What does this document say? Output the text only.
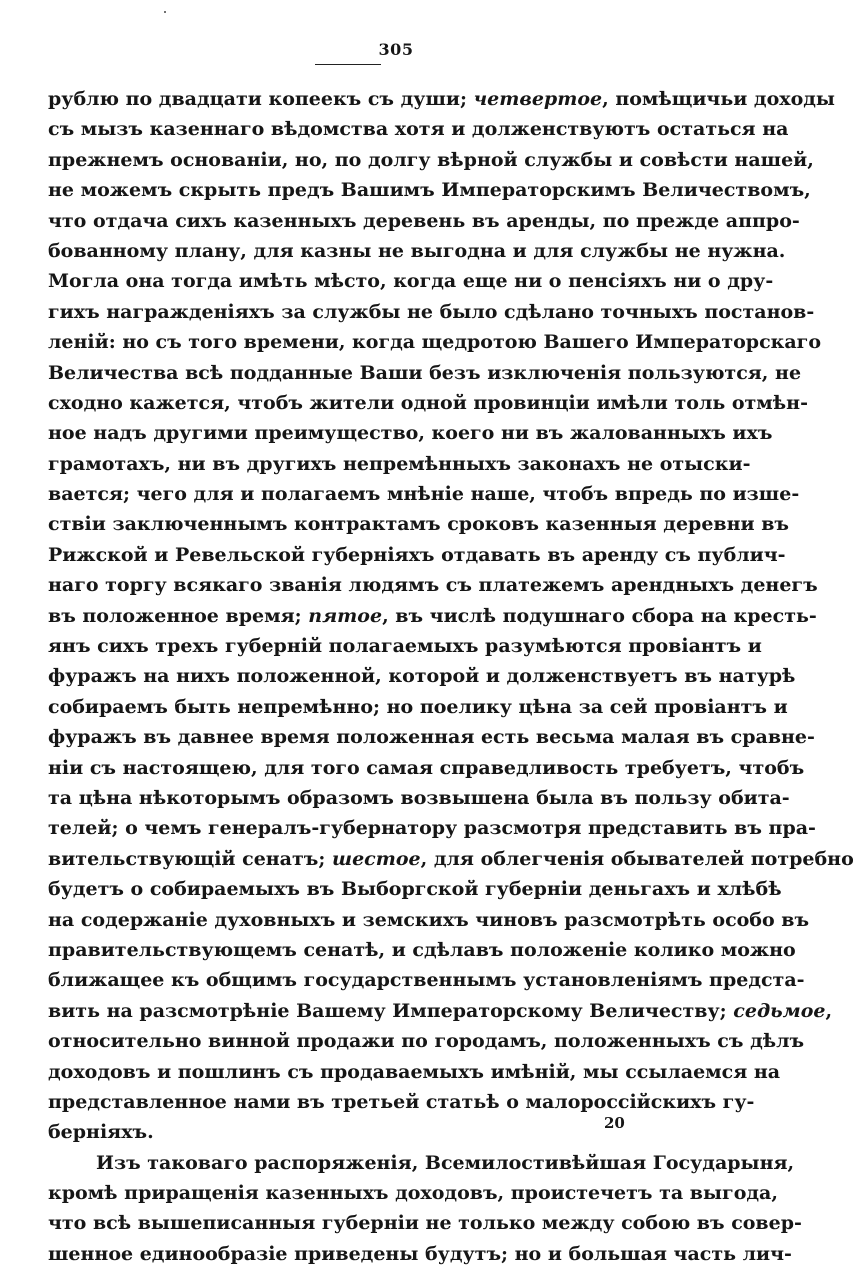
305
рублю по двадцати копеекъ съ души; четвертое, помѣщичьи доходы
съ мызъ казеннаго вѣдомства хотя и долженствуютъ остаться на
прежнемъ основаніи, но, по долгу вѣрной службы и совѣсти нашей,
не можемъ скрыть предъ Вашимъ Императорскимъ Величествомъ,
что отдача сихъ казенныхъ деревень въ аренды, по прежде аппро-
бованному плану, для казны не выгодна и для службы не нужна.
Могла она тогда имѣть мѣсто, когда еще ни о пенсіяхъ ни о дру-
гихъ награжденіяхъ за службы не было сдѣлано точныхъ постанов-
леній: но съ того времени, когда щедротою Вашего Императорскаго
Величества всѣ подданные Ваши безъ изключенія пользуются, не
сходно кажется, чтобъ жители одной провинціи имѣли толь отмѣн-
ное надъ другими преимущество, коего ни въ жалованныхъ ихъ
грамотахъ, ни въ другихъ непремѣнныхъ законахъ не отыски-
вается; чего для и полагаемъ мнѣніе наше, чтобъ впредь по изше-
ствіи заключеннымъ контрактамъ сроковъ казенныя деревни въ
Рижской и Ревельской губерніяхъ отдавать въ аренду съ публич-
наго торгу всякаго званія людямъ съ платежемъ арендныхъ денегъ
въ положенное время; пятое, въ числѣ подушнаго сбора на кресть-
янъ сихъ трехъ губерній полагаемыхъ разумѣются провіантъ и
фуражъ на нихъ положенной, которой и долженствуетъ въ натурѣ
собираемъ быть непремѣнно; но поелику цѣна за сей провіантъ и
фуражъ въ давнее время положенная есть весьма малая въ сравне-
ніи съ настоящею, для того самая справедливость требуетъ, чтобъ
та цѣна нѣкоторымъ образомъ возвышена была въ пользу обита-
телей; о чемъ генералъ-губернатору разсмотря представить въ пра-
вительствующій сенатъ; шестое, для облегченія обывателей потребно
будетъ о собираемыхъ въ Выборгской губерніи деньгахъ и хлѣбѣ
на содержаніе духовныхъ и земскихъ чиновъ разсмотрѣть особо въ
правительствующемъ сенатѣ, и сдѣлавъ положеніе колико можно
ближащее къ общимъ государственнымъ установленіямъ предста-
вить на разсмотрѣніе Вашему Императорскому Величеству; седьмое,
относительно винной продажи по городамъ, положенныхъ съ дѣлъ
доходовъ и пошлинъ съ продаваемыхъ имѣній, мы ссылаемся на
представленное нами въ третьей статьѣ о малороссійскихъ гу-
берніяхъ.
Изъ таковаго распоряженія, Всемилостивѣйшая Государыня,
кромѣ приращенія казенныхъ доходовъ, проистечетъ та выгода,
что всѣ вышеписанныя губерніи не только между собою въ совер-
шенное единообразіе приведены будутъ; но и большая часть лич-
20
